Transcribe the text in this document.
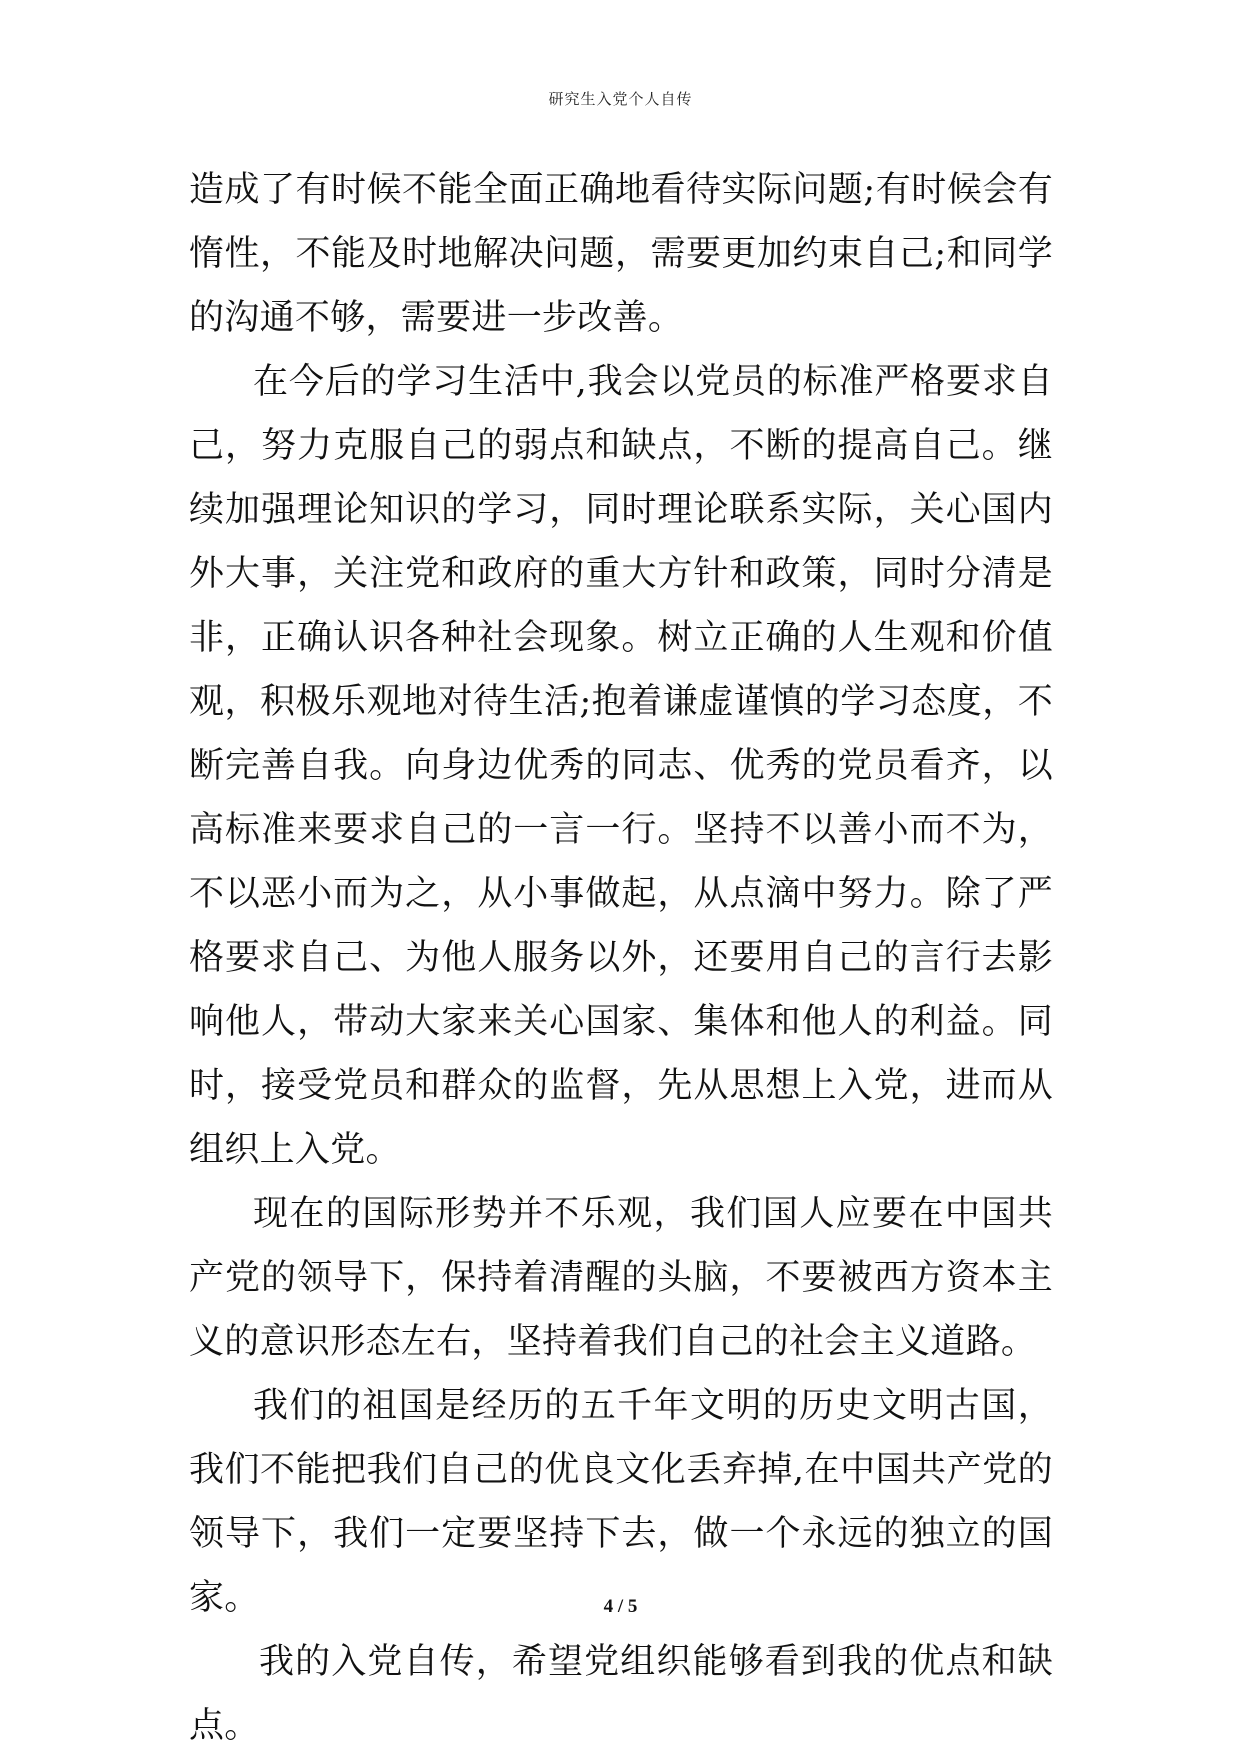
研究生入党个人自传

造成了有时候不能全面正确地看待实际问题;有时候会有惰性，不能及时地解决问题，需要更加约束自己;和同学的沟通不够，需要进一步改善。

在今后的学习生活中,我会以党员的标准严格要求自己，努力克服自己的弱点和缺点，不断的提高自己。继续加强理论知识的学习，同时理论联系实际，关心国内外大事，关注党和政府的重大方针和政策，同时分清是非，正确认识各种社会现象。树立正确的人生观和价值观，积极乐观地对待生活;抱着谦虚谨慎的学习态度，不断完善自我。向身边优秀的同志、优秀的党员看齐，以高标准来要求自己的一言一行。坚持不以善小而不为，不以恶小而为之，从小事做起，从点滴中努力。除了严格要求自己、为他人服务以外，还要用自己的言行去影响他人，带动大家来关心国家、集体和他人的利益。同时，接受党员和群众的监督，先从思想上入党，进而从组织上入党。

现在的国际形势并不乐观，我们国人应要在中国共产党的领导下，保持着清醒的头脑，不要被西方资本主义的意识形态左右，坚持着我们自己的社会主义道路。

我们的祖国是经历的五千年文明的历史文明古国，我们不能把我们自己的优良文化丢弃掉,在中国共产党的领导下，我们一定要坚持下去，做一个永远的独立的国家。

我的入党自传，希望党组织能够看到我的优点和缺点。

4 / 5
